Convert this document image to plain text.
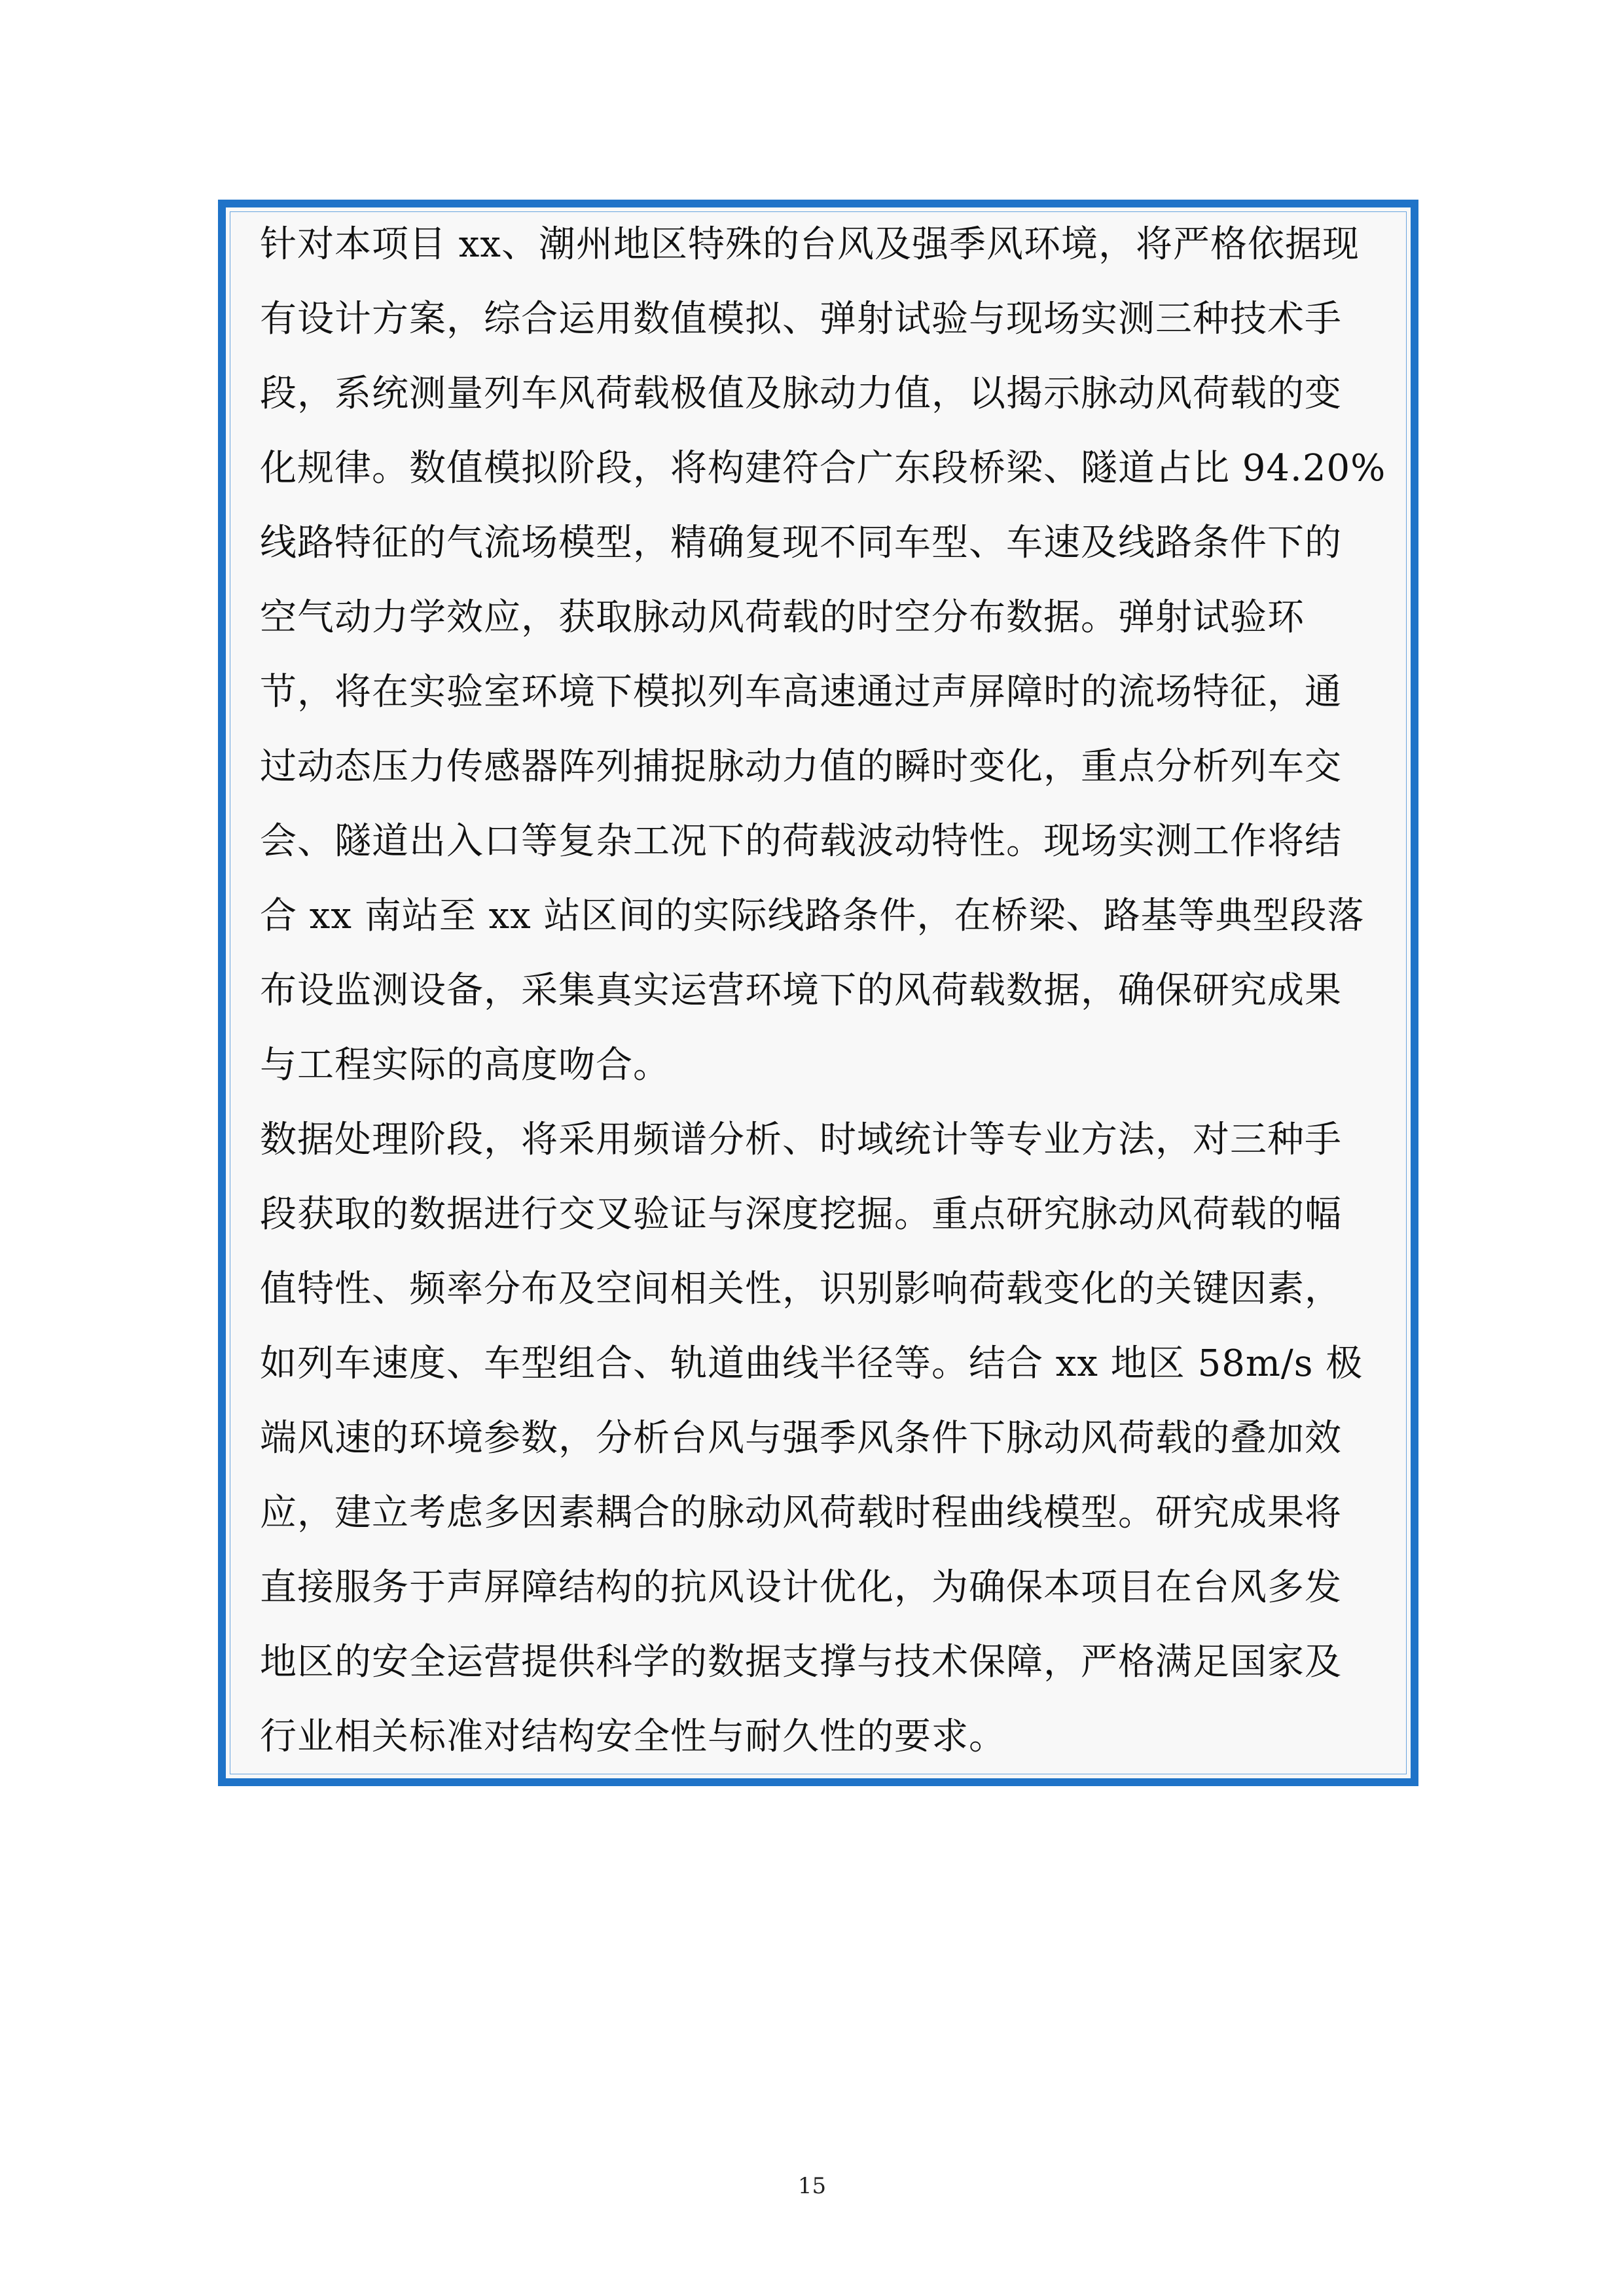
针对本项目 xx、潮州地区特殊的台风及强季风环境，将严格依据现
有设计方案，综合运用数值模拟、弹射试验与现场实测三种技术手
段，系统测量列车风荷载极值及脉动力值，以揭示脉动风荷载的变
化规律。数值模拟阶段，将构建符合广东段桥梁、隧道占比 94.20%
线路特征的气流场模型，精确复现不同车型、车速及线路条件下的
空气动力学效应，获取脉动风荷载的时空分布数据。弹射试验环
节，将在实验室环境下模拟列车高速通过声屏障时的流场特征，通
过动态压力传感器阵列捕捉脉动力值的瞬时变化，重点分析列车交
会、隧道出入口等复杂工况下的荷载波动特性。现场实测工作将结
合 xx 南站至 xx 站区间的实际线路条件，在桥梁、路基等典型段落
布设监测设备，采集真实运营环境下的风荷载数据，确保研究成果
与工程实际的高度吻合。
数据处理阶段，将采用频谱分析、时域统计等专业方法，对三种手
段获取的数据进行交叉验证与深度挖掘。重点研究脉动风荷载的幅
值特性、频率分布及空间相关性，识别影响荷载变化的关键因素，
如列车速度、车型组合、轨道曲线半径等。结合 xx 地区 58m/s 极
端风速的环境参数，分析台风与强季风条件下脉动风荷载的叠加效
应，建立考虑多因素耦合的脉动风荷载时程曲线模型。研究成果将
直接服务于声屏障结构的抗风设计优化，为确保本项目在台风多发
地区的安全运营提供科学的数据支撑与技术保障，严格满足国家及
行业相关标准对结构安全性与耐久性的要求。
15
